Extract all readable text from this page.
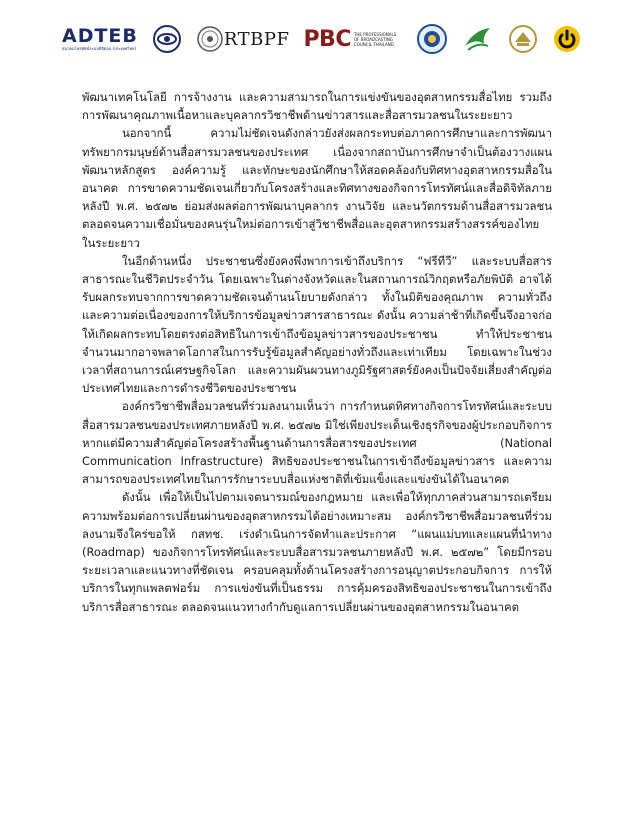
ADTEB
สมาคมโทรทัศน์ระบบดิจิตอล (ประเทศไทย)	RTBPF PBC THE PROFESSIONALS OF BROADCASTING COUNCIL THAILAND

พัฒนาเทคโนโลยี การจ้างงาน และความสามารถในการแข่งขันของอุตสาหกรรมสื่อไทย รวมถึงการพัฒนาคุณภาพเนื้อหาและบุคลากรวิชาชีพด้านข่าวสารและสื่อสารมวลชนในระยะยาว

นอกจากนี้ ความไม่ชัดเจนดังกล่าวยังส่งผลกระทบต่อภาคการศึกษาและการพัฒนาทรัพยากรมนุษย์ด้านสื่อสารมวลชนของประเทศ เนื่องจากสถาบันการศึกษาจำเป็นต้องวางแผนพัฒนาหลักสูตร องค์ความรู้ และทักษะของนักศึกษาให้สอดคล้องกับทิศทางอุตสาหกรรมสื่อในอนาคต การขาดความชัดเจนเกี่ยวกับโครงสร้างและทิศทางของกิจการโทรทัศน์และสื่อดิจิทัลภายหลังปี พ.ศ. ๒๕๗๒ ย่อมส่งผลต่อการพัฒนาบุคลากร งานวิจัย และนวัตกรรมด้านสื่อสารมวลชน ตลอดจนความเชื่อมั่นของคนรุ่นใหม่ต่อการเข้าสู่วิชาชีพสื่อและอุตสาหกรรมสร้างสรรค์ของไทยในระยะยาว

ในอีกด้านหนึ่ง ประชาชนซึ่งยังคงพึ่งพาการเข้าถึงบริการ “ฟรีทีวี” และระบบสื่อสารสาธารณะในชีวิตประจำวัน โดยเฉพาะในต่างจังหวัดและในสถานการณ์วิกฤตหรือภัยพิบัติ อาจได้รับผลกระทบจากการขาดความชัดเจนด้านนโยบายดังกล่าว ทั้งในมิติของคุณภาพ ความทั่วถึง และความต่อเนื่องของการให้บริการข้อมูลข่าวสารสาธารณะ ดังนั้น ความล่าช้าที่เกิดขึ้นจึงอาจก่อให้เกิดผลกระทบโดยตรงต่อสิทธิในการเข้าถึงข้อมูลข่าวสารของประชาชน ทำให้ประชาชนจำนวนมากอาจพลาดโอกาสในการรับรู้ข้อมูลสำคัญอย่างทั่วถึงและเท่าเทียม โดยเฉพาะในช่วงเวลาที่สถานการณ์เศรษฐกิจโลก และความผันผวนทางภูมิรัฐศาสตร์ยังคงเป็นปัจจัยเสี่ยงสำคัญต่อประเทศไทยและการดำรงชีวิตของประชาชน

องค์กรวิชาชีพสื่อมวลชนที่ร่วมลงนามเห็นว่า การกำหนดทิศทางกิจการโทรทัศน์และระบบสื่อสารมวลชนของประเทศภายหลังปี พ.ศ. ๒๕๗๒ มิใช่เพียงประเด็นเชิงธุรกิจของผู้ประกอบกิจการ หากแต่มีความสำคัญต่อโครงสร้างพื้นฐานด้านการสื่อสารของประเทศ (National Communication Infrastructure) สิทธิของประชาชนในการเข้าถึงข้อมูลข่าวสาร และความสามารถของประเทศไทยในการรักษาระบบสื่อแห่งชาติที่เข้มแข็งและแข่งขันได้ในอนาคต

ดังนั้น เพื่อให้เป็นไปตามเจตนารมณ์ของกฎหมาย และเพื่อให้ทุกภาคส่วนสามารถเตรียมความพร้อมต่อการเปลี่ยนผ่านของอุตสาหกรรมได้อย่างเหมาะสม องค์กรวิชาชีพสื่อมวลชนที่ร่วมลงนามจึงใคร่ขอให้ กสทช. เร่งดำเนินการจัดทำและประกาศ “แผนแม่บทและแผนที่นำทาง (Roadmap) ของกิจการโทรทัศน์และระบบสื่อสารมวลชนภายหลังปี พ.ศ. ๒๕๗๒” โดยมีกรอบระยะเวลาและแนวทางที่ชัดเจน ครอบคลุมทั้งด้านโครงสร้างการอนุญาตประกอบกิจการ การให้บริการในทุกแพลตฟอร์ม การแข่งขันที่เป็นธรรม การคุ้มครองสิทธิของประชาชนในการเข้าถึงบริการสื่อสาธารณะ ตลอดจนแนวทางกำกับดูแลการเปลี่ยนผ่านของอุตสาหกรรมในอนาคต
